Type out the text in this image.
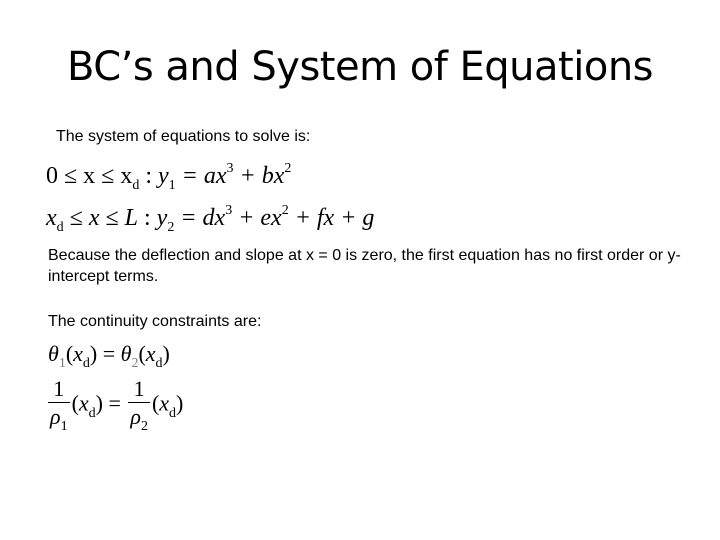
BC’s and System of Equations
The system of equations to solve is:
$0 \le x \le x_d$ : $y_1 = ax^3 + bx^2$
$x_d \le x \le L$ : $y_2 = dx^3 + ex^2$ + fx + g
Because the deflection and slope at x = 0 is zero, the first equation has no first order or y-intercept terms.
The continuity constraints are:
$\theta_1(x_d) = \theta_2(x_d)$
$\frac{1}{\rho_1} (x_d) = \frac{1}{\rho_2} (x_d)$
